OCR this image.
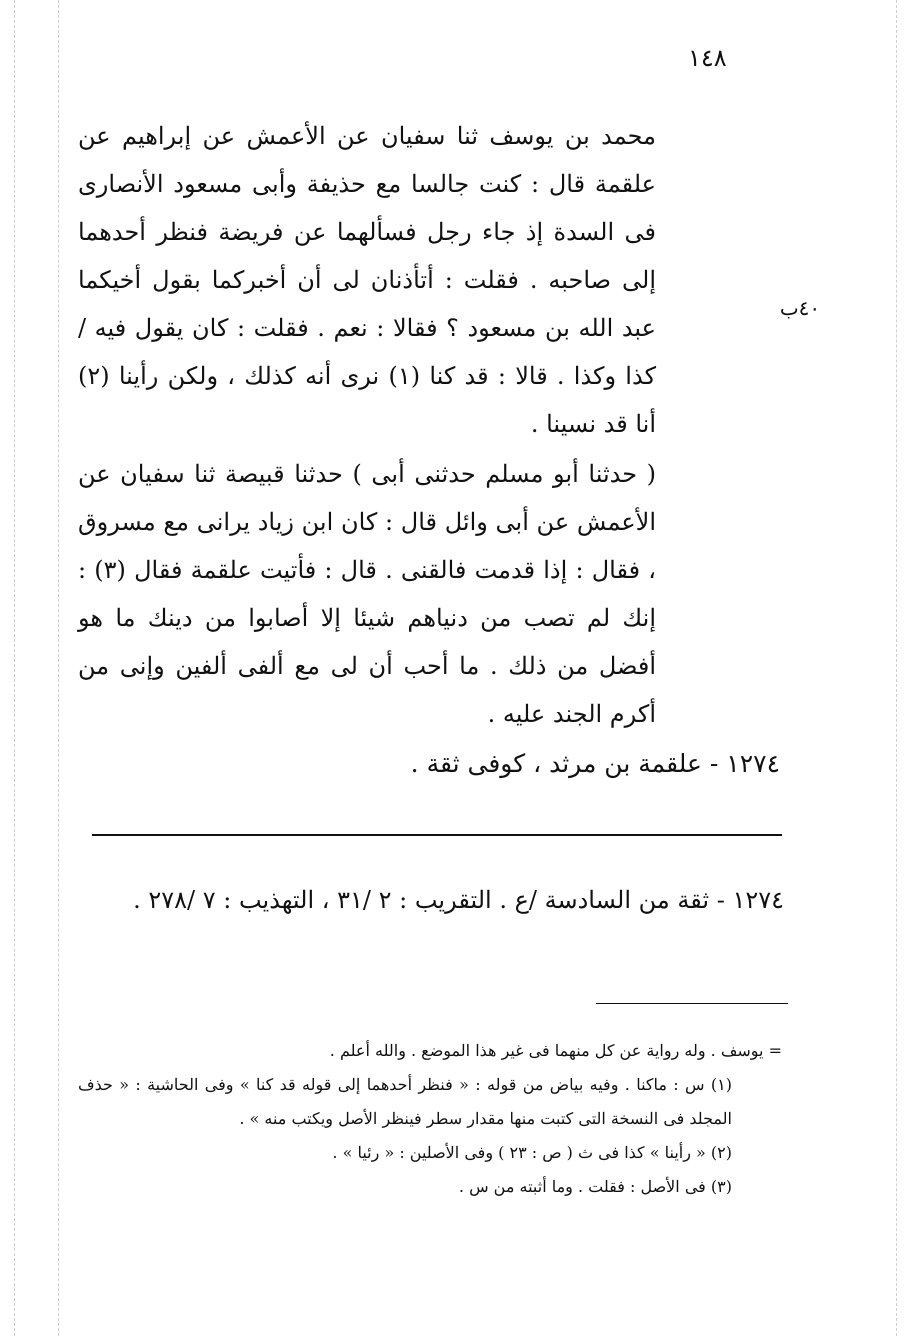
١٤٨
٤٠ب

محمد بن يوسف ثنا سفيان عن الأعمش عن إبراهيم عن علقمة قال : كنت جالسا مع حذيفة وأبى مسعود الأنصارى فى السدة إذ جاء رجل فسألهما عن فريضة فنظر أحدهما إلى صاحبه . فقلت : أتأذنان لى أن أخبركما بقول أخيكما عبد الله بن مسعود ؟ فقالا : نعم . فقلت : كان يقول فيه / كذا وكذا . قالا : قد كنا (١) نرى أنه كذلك ، ولكن رأينا (٢) أنا قد نسينا .

( حدثنا أبو مسلم حدثنى أبى ) حدثنا قبيصة ثنا سفيان عن الأعمش عن أبى وائل قال : كان ابن زياد يرانى مع مسروق ، فقال : إذا قدمت فالقنى . قال : فأتيت علقمة فقال (٣) : إنك لم تصب من دنياهم شيئا إلا أصابوا من دينك ما هو أفضل من ذلك . ما أحب أن لى مع ألفى ألفين وإنى من أكرم الجند عليه .

١٢٧٤ - علقمة بن مرثد ، كوفى ثقة .
١٢٧٤ - ثقة من السادسة /ع . التقريب : ٢ /٣١ ، التهذيب : ٧ /٢٧٨ .

= يوسف . وله رواية عن كل منهما فى غير هذا الموضع . والله أعلم .

(١) س : ماكنا . وفيه بياض من قوله : « فنظر أحدهما إلى قوله قد كنا » وفى الحاشية : « حذف المجلد فى النسخة التى كتبت منها مقدار سطر فينظر الأصل ويكتب منه » .

(٢) « رأينا » كذا فى ث ( ص : ٢٣ ) وفى الأصلين : « رئيا » .

(٣) فى الأصل : فقلت . وما أثبته من س .
